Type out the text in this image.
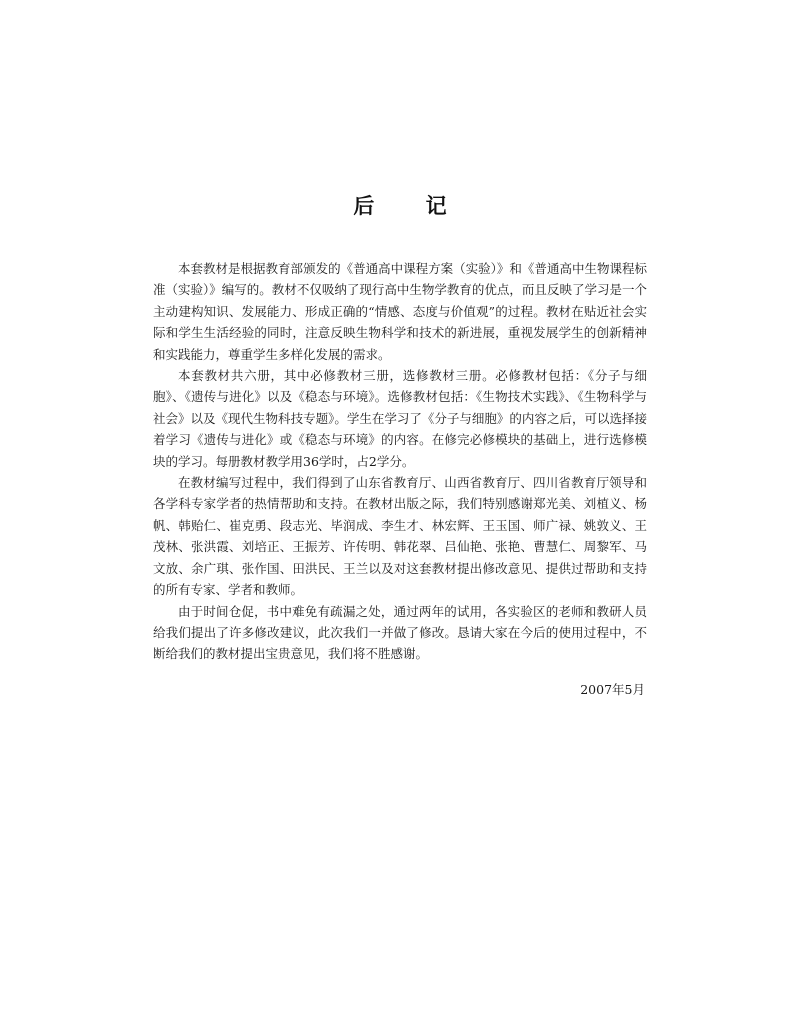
后 记

本套教材是根据教育部颁发的《普通高中课程方案（实验）》和《普通高中生物课程标准（实验）》编写的。教材不仅吸纳了现行高中生物学教育的优点，而且反映了学习是一个主动建构知识、发展能力、形成正确的“情感、态度与价值观”的过程。教材在贴近社会实际和学生生活经验的同时，注意反映生物科学和技术的新进展，重视发展学生的创新精神和实践能力，尊重学生多样化发展的需求。

本套教材共六册，其中必修教材三册，选修教材三册。必修教材包括：《分子与细胞》、《遗传与进化》以及《稳态与环境》。选修教材包括：《生物技术实践》、《生物科学与社会》以及《现代生物科技专题》。学生在学习了《分子与细胞》的内容之后，可以选择接着学习《遗传与进化》或《稳态与环境》的内容。在修完必修模块的基础上，进行选修模块的学习。每册教材教学用36学时，占2学分。

在教材编写过程中，我们得到了山东省教育厅、山西省教育厅、四川省教育厅领导和各学科专家学者的热情帮助和支持。在教材出版之际，我们特别感谢郑光美、刘植义、杨帆、韩贻仁、崔克勇、段志光、毕润成、李生才、林宏辉、王玉国、师广禄、姚敦义、王茂林、张洪霞、刘培正、王振芳、许传明、韩花翠、吕仙艳、张艳、曹慧仁、周黎军、马文放、余广琪、张作国、田洪民、王兰以及对这套教材提出修改意见、提供过帮助和支持的所有专家、学者和教师。

由于时间仓促，书中难免有疏漏之处，通过两年的试用，各实验区的老师和教研人员给我们提出了许多修改建议，此次我们一并做了修改。恳请大家在今后的使用过程中，不断给我们的教材提出宝贵意见，我们将不胜感谢。

2007年5月
